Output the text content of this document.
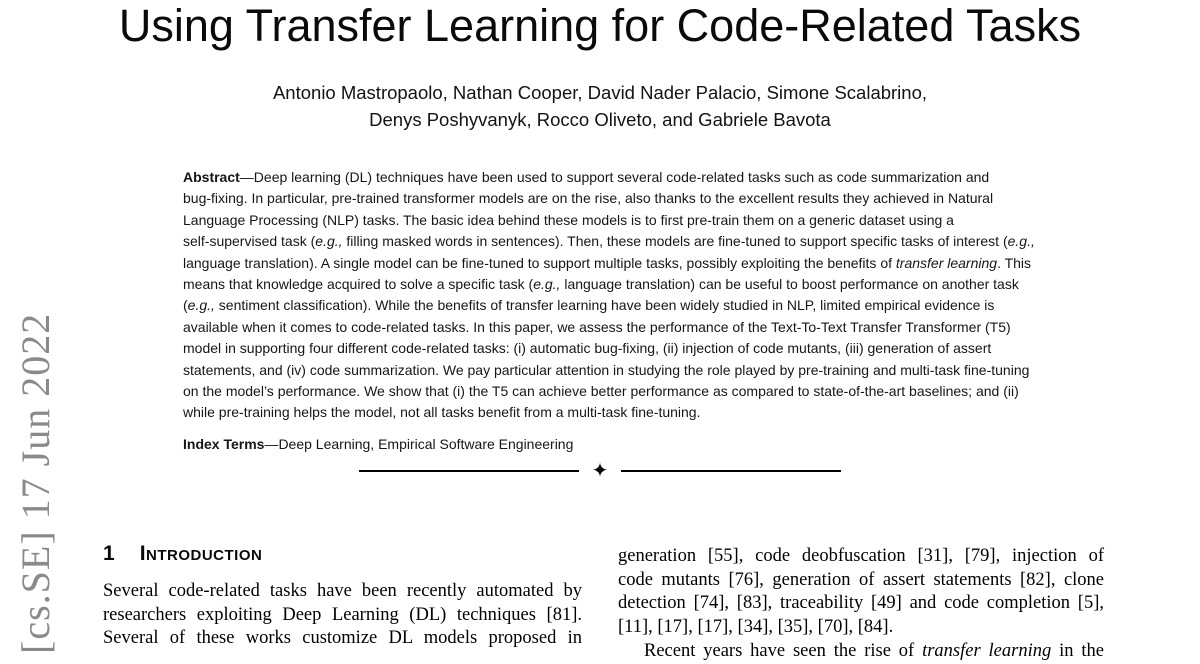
[cs.SE] 17 Jun 2022
Using Transfer Learning for Code-Related Tasks
Antonio Mastropaolo, Nathan Cooper, David Nader Palacio, Simone Scalabrino,
Denys Poshyvanyk, Rocco Oliveto, and Gabriele Bavota
Abstract—Deep learning (DL) techniques have been used to support several code-related tasks such as code summarization and
bug-fixing. In particular, pre-trained transformer models are on the rise, also thanks to the excellent results they achieved in Natural
Language Processing (NLP) tasks. The basic idea behind these models is to first pre-train them on a generic dataset using a
self-supervised task (e.g., filling masked words in sentences). Then, these models are fine-tuned to support specific tasks of interest (e.g.,
language translation). A single model can be fine-tuned to support multiple tasks, possibly exploiting the benefits of transfer learning. This
means that knowledge acquired to solve a specific task (e.g., language translation) can be useful to boost performance on another task
(e.g., sentiment classification). While the benefits of transfer learning have been widely studied in NLP, limited empirical evidence is
available when it comes to code-related tasks. In this paper, we assess the performance of the Text-To-Text Transfer Transformer (T5)
model in supporting four different code-related tasks: (i) automatic bug-fixing, (ii) injection of code mutants, (iii) generation of assert
statements, and (iv) code summarization. We pay particular attention in studying the role played by pre-training and multi-task fine-tuning
on the model’s performance. We show that (i) the T5 can achieve better performance as compared to state-of-the-art baselines; and (ii)
while pre-training helps the model, not all tasks benefit from a multi-task fine-tuning.
Index Terms—Deep Learning, Empirical Software Engineering
✦
1 Introduction
Several code-related tasks have been recently automated by
researchers exploiting Deep Learning (DL) techniques [81].
Several of these works customize DL models proposed in
generation [55], code deobfuscation [31], [79], injection of
code mutants [76], generation of assert statements [82], clone
detection [74], [83], traceability [49] and code completion [5],
[11], [17], [17], [34], [35], [70], [84].
Recent years have seen the rise of transfer learning in the
